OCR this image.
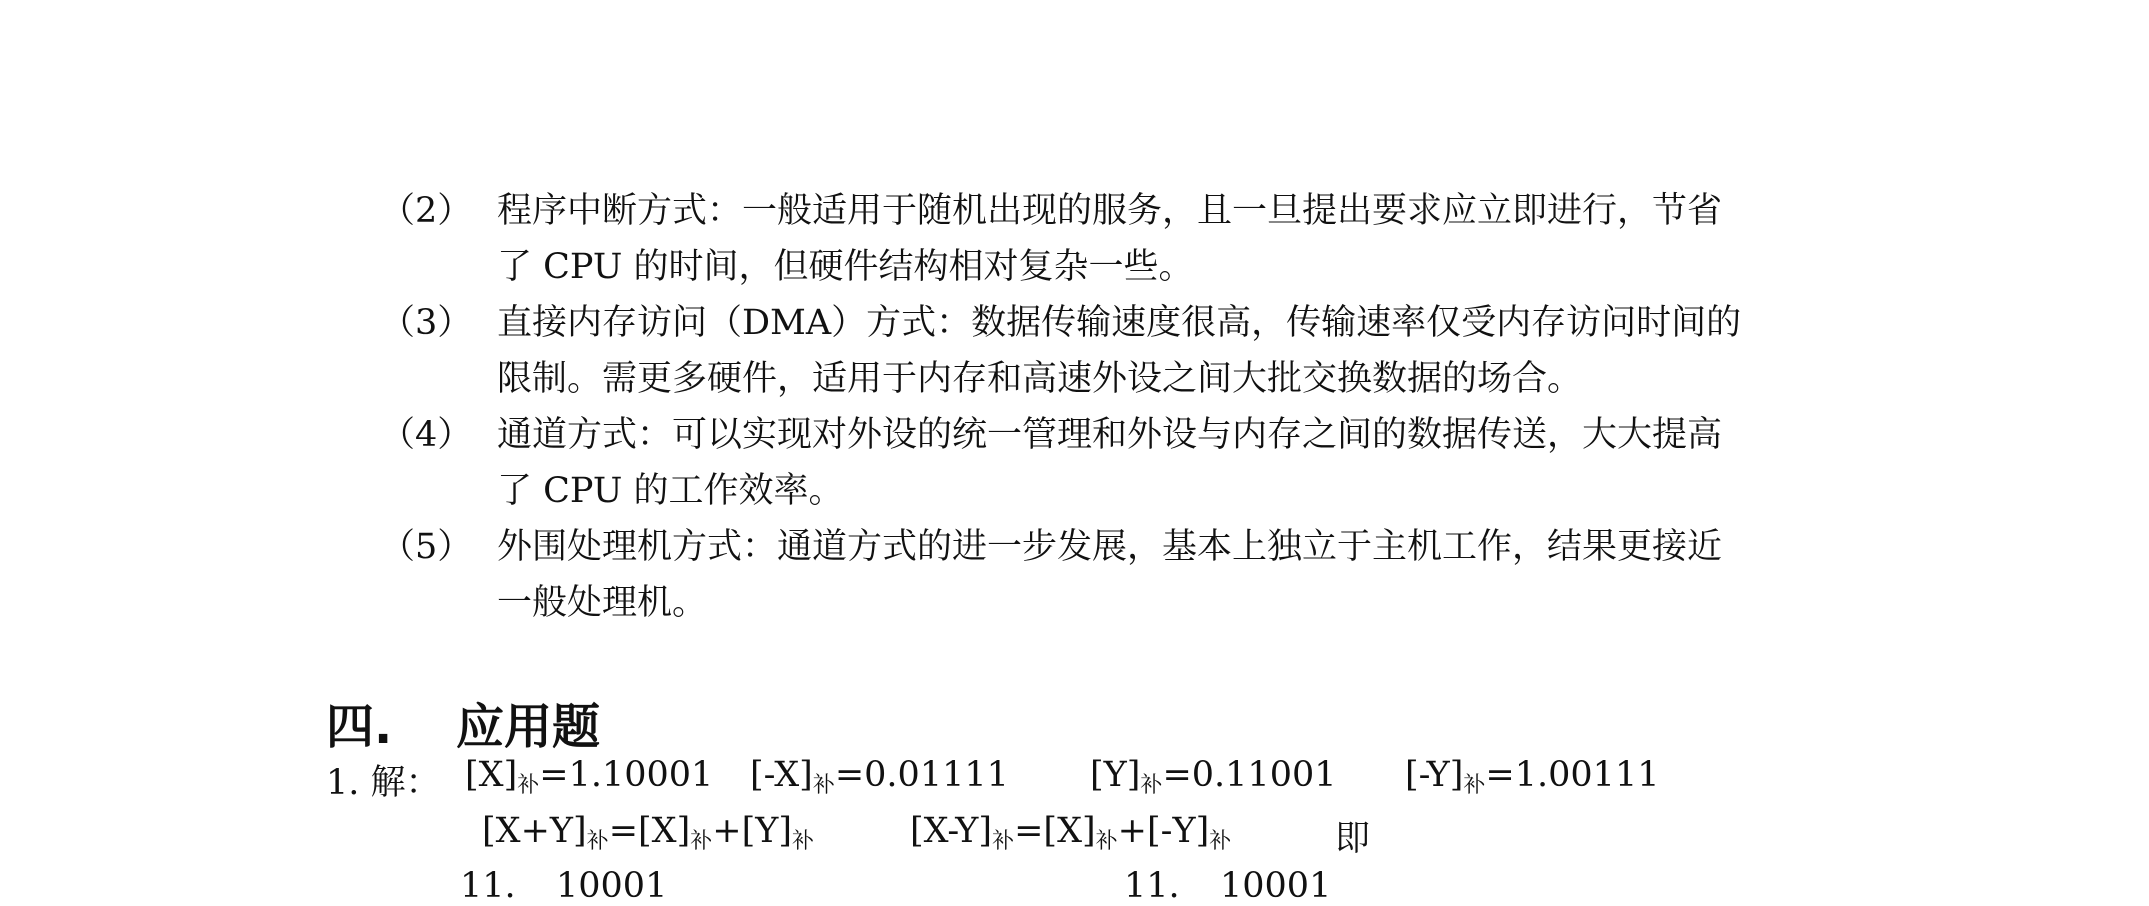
（2） 程序中断方式：一般适用于随机出现的服务，且一旦提出要求应立即进行，节省
了 CPU 的时间，但硬件结构相对复杂一些。
（3） 直接内存访问（DMA）方式：数据传输速度很高，传输速率仅受内存访问时间的
限制。需更多硬件，适用于内存和高速外设之间大批交换数据的场合。
（4） 通道方式：可以实现对外设的统一管理和外设与内存之间的数据传送，大大提高
了 CPU 的工作效率。
（5） 外围处理机方式：通道方式的进一步发展，基本上独立于主机工作，结果更接近
一般处理机。
四. 应用题
1. 解： [X]补=1.10001 [-X]补=0.01111 [Y]补=0.11001 [-Y]补=1.00111
[X+Y]补=[X]补+[Y]补	[X-Y]补=[X]补+[-Y]补	即
11. 10001	11. 10001
